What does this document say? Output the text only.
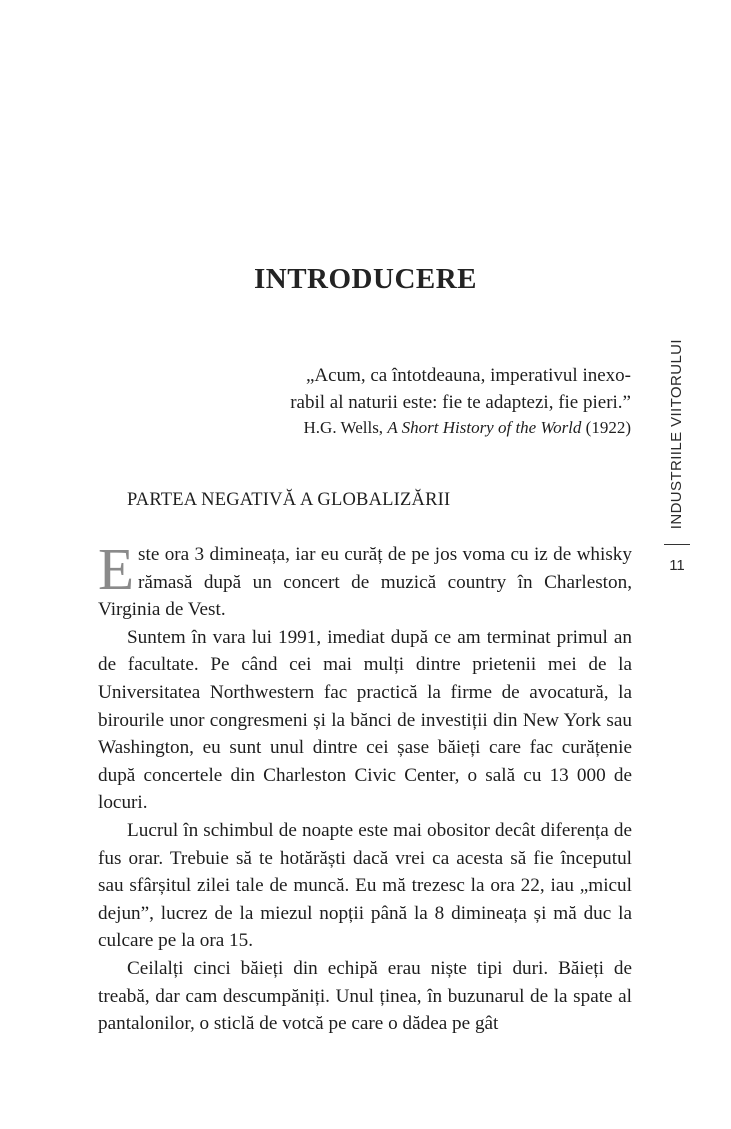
INTRODUCERE
„Acum, ca întotdeauna, imperativul inexo-
rabil al naturii este: fie te adaptezi, fie pieri.”
H.G. Wells, A Short History of the World (1922)
PARTEA NEGATIVĂ A GLOBALIZĂRII

Este ora 3 dimineața, iar eu curăț de pe jos voma cu iz de whisky rămasă după un concert de muzică country în Charleston, Virginia de Vest.

Suntem în vara lui 1991, imediat după ce am terminat primul an de facultate. Pe când cei mai mulți dintre prietenii mei de la Universitatea Northwestern fac practică la firme de avocatură, la birourile unor congresmeni și la bănci de investiții din New York sau Washington, eu sunt unul dintre cei șase băieți care fac curățenie după concertele din Charleston Civic Center, o sală cu 13 000 de locuri.

Lucrul în schimbul de noapte este mai obositor decât diferența de fus orar. Trebuie să te hotărăști dacă vrei ca acesta să fie începutul sau sfârșitul zilei tale de muncă. Eu mă trezesc la ora 22, iau „micul dejun”, lucrez de la miezul nopții până la 8 dimineața și mă duc la culcare pe la ora 15.

Ceilalți cinci băieți din echipă erau niște tipi duri. Băieți de treabă, dar cam descumpăniți. Unul ținea, în buzunarul de la spate al pantalonilor, o sticlă de votcă pe care o dădea pe gât

INDUSTRIILE VIITORULUI
11
